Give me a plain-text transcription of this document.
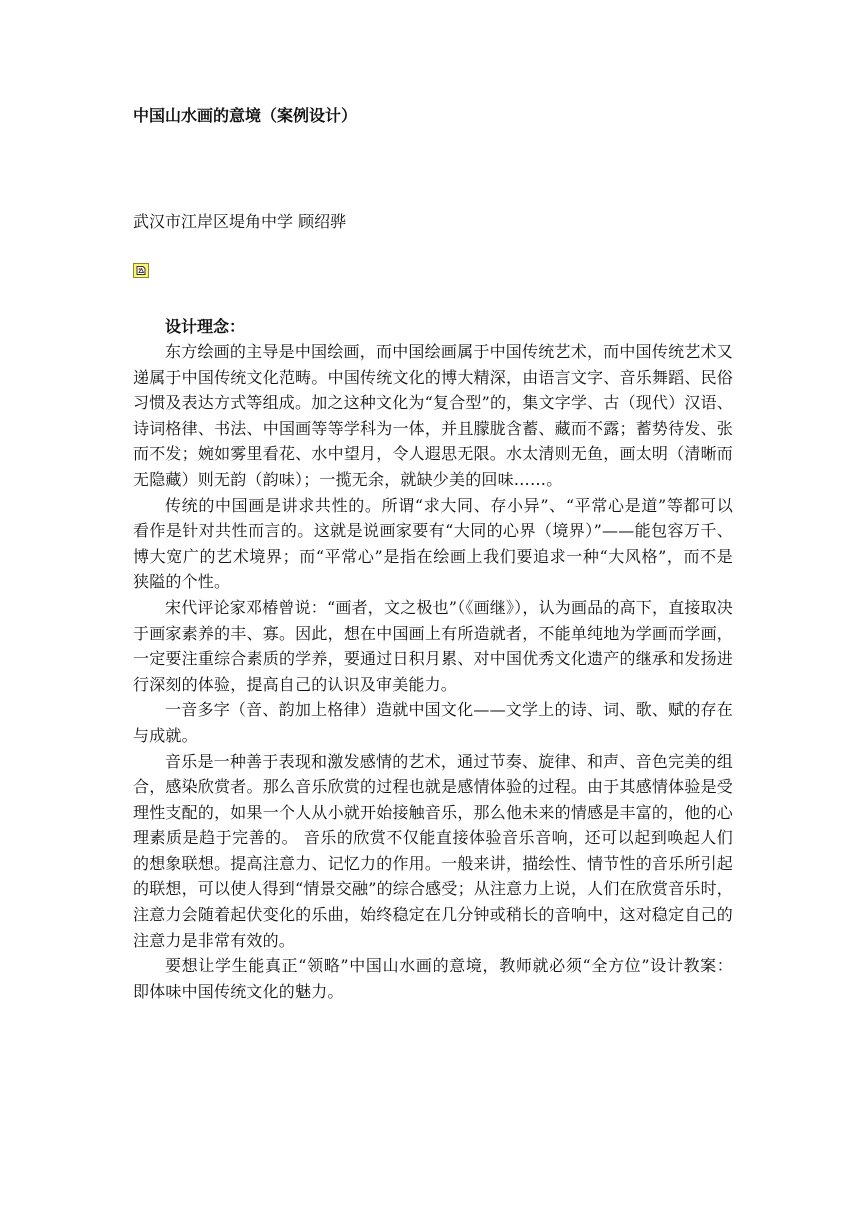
中国山水画的意境（案例设计）
武汉市江岸区堤角中学 顾绍骅

设计理念：

东方绘画的主导是中国绘画，而中国绘画属于中国传统艺术，而中国传统艺术又递属于中国传统文化范畴。中国传统文化的博大精深，由语言文字、音乐舞蹈、民俗习惯及表达方式等组成。加之这种文化为“复合型”的，集文字学、古（现代）汉语、诗词格律、书法、中国画等等学科为一体，并且朦胧含蓄、藏而不露；蓄势待发、张而不发；婉如雾里看花、水中望月，令人遐思无限。水太清则无鱼，画太明（清晰而无隐藏）则无韵（韵味）；一揽无余，就缺少美的回味……。

传统的中国画是讲求共性的。所谓“求大同、存小异”、“平常心是道”等都可以看作是针对共性而言的。这就是说画家要有“大同的心界（境界）”——能包容万千、博大宽广的艺术境界；而“平常心”是指在绘画上我们要追求一种“大风格”，而不是狭隘的个性。

宋代评论家邓椿曾说：“画者，文之极也”（《画继》），认为画品的高下，直接取决于画家素养的丰、寡。因此，想在中国画上有所造就者，不能单纯地为学画而学画，一定要注重综合素质的学养，要通过日积月累、对中国优秀文化遗产的继承和发扬进行深刻的体验，提高自己的认识及审美能力。

一音多字（音、韵加上格律）造就中国文化——文学上的诗、词、歌、赋的存在与成就。

音乐是一种善于表现和激发感情的艺术，通过节奏、旋律、和声、音色完美的组合，感染欣赏者。那么音乐欣赏的过程也就是感情体验的过程。由于其感情体验是受理性支配的，如果一个人从小就开始接触音乐，那么他未来的情感是丰富的，他的心理素质是趋于完善的。 音乐的欣赏不仅能直接体验音乐音响，还可以起到唤起人们的想象联想。提高注意力、记忆力的作用。一般来讲，描绘性、情节性的音乐所引起的联想，可以使人得到“情景交融”的综合感受；从注意力上说，人们在欣赏音乐时，注意力会随着起伏变化的乐曲，始终稳定在几分钟或稍长的音响中，这对稳定自己的注意力是非常有效的。

要想让学生能真正“领略”中国山水画的意境，教师就必须“全方位”设计教案：即体味中国传统文化的魅力。
